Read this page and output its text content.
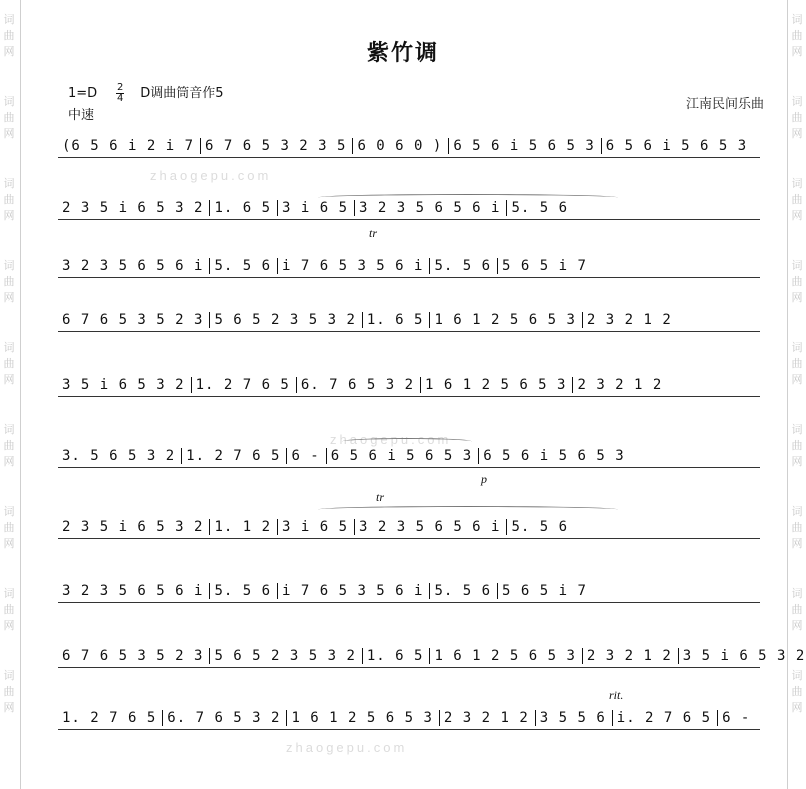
紫竹调
$1=D \frac{2}{4}$ D调曲筒音作5
中速
江南民间乐曲
(6 5 6 i 2 i 7 6 7 6 5 3 2 3 5 6 0 6 0 ) 6 5 6 i 5 6 5 3 6 5 6 i 5 6 5 3
2 3 5 i 6 5 3 2 1. 6 5 3 i 6 5 3 2 3 5 6 5 6 i 5. 5 6
3 2 3 5 6 5 6 i 5. 5 6 i 7 6 5 3 5 6 i 5. 5 6 5 6 5 i 7
6 7 6 5 3 5 2 3 5 6 5 2 3 5 3 2 1. 6 5 1 6 1 2 5 6 5 3 2 3 2 1 2
3 5 i 6 5 3 2 1. 2 7 6 5 6. 7 6 5 3 2 1 6 1 2 5 6 5 3 2 3 2 1 2
3. 5 6 5 3 2 1. 2 7 6 5 6 - 6 5 6 i 5 6 5 3 6 5 6 i 5 6 5 3
2 3 5 i 6 5 3 2 1. 1 2 3 i 6 5 3 2 3 5 6 5 6 i 5. 5 6
3 2 3 5 6 5 6 i 5. 5 6 i 7 6 5 3 5 6 i 5. 5 6 5 6 5 i 7
6 7 6 5 3 5 2 3 5 6 5 2 3 5 3 2 1. 6 5 1 6 1 2 5 6 5 3 2 3 2 1 2 3 5 i 6 5 3 2
1. 2 7 6 5 6. 7 6 5 3 2 1 6 1 2 5 6 5 3 2 3 2 1 2 3 5 5 6 i. 2 7 6 5 6 -
zhaogepu.com
zhaogepu.com
zhaogepu.com
tr
tr
p
rit.
词
曲
网
词
曲
网
词
曲
网
词
曲
网
词
曲
网
词
曲
网
词
曲
网
词
曲
网
词
曲
网
词
曲
网
词
曲
网
词
曲
网
词
曲
网
词
曲
网
词
曲
网
词
曲
网
词
曲
网
词
曲
网
